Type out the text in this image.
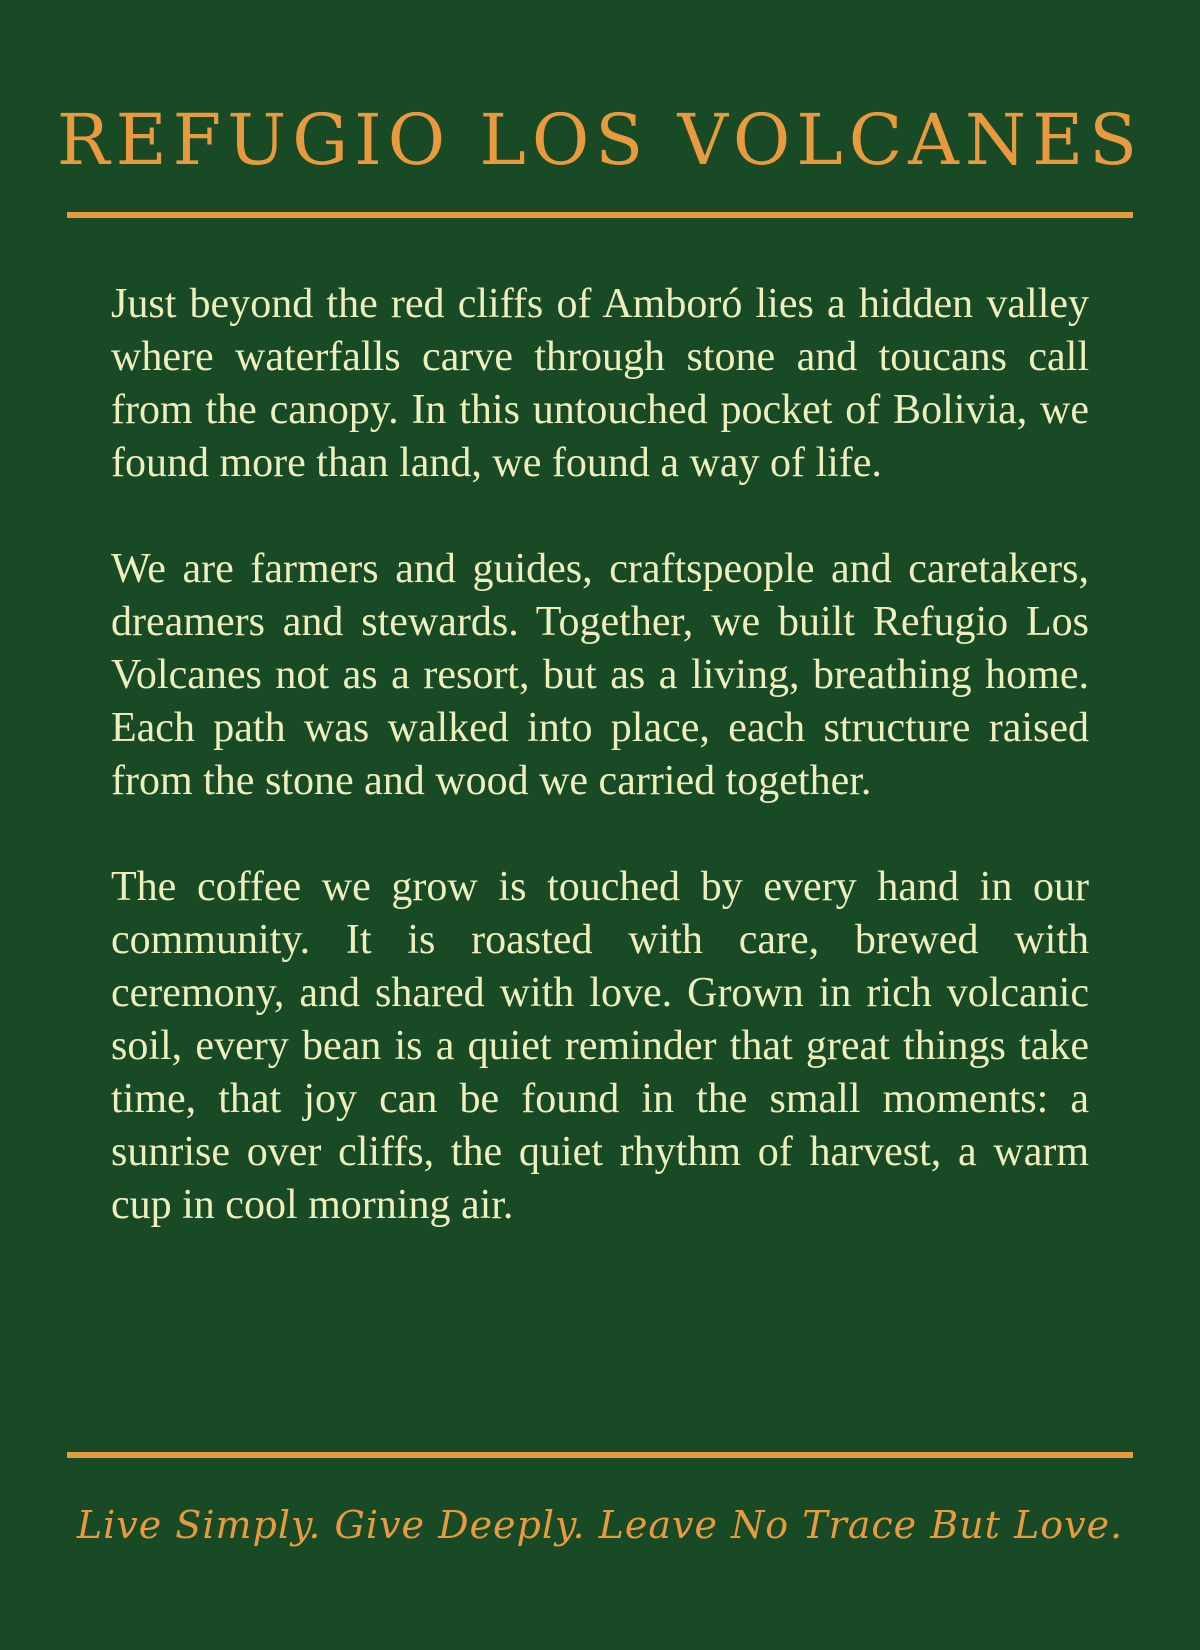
REFUGIO LOS VOLCANES

Just beyond the red cliffs of Amboró lies a hidden valley where waterfalls carve through stone and toucans call from the canopy. In this untouched pocket of Bolivia, we found more than land, we found a way of life.

We are farmers and guides, craftspeople and caretakers, dreamers and stewards. Together, we built Refugio Los Volcanes not as a resort, but as a living, breathing home. Each path was walked into place, each structure raised from the stone and wood we carried together.

The coffee we grow is touched by every hand in our community. It is roasted with care, brewed with ceremony, and shared with love. Grown in rich volcanic soil, every bean is a quiet reminder that great things take time, that joy can be found in the small moments: a sunrise over cliffs, the quiet rhythm of harvest, a warm cup in cool morning air.

Live Simply. Give Deeply. Leave No Trace But Love.
